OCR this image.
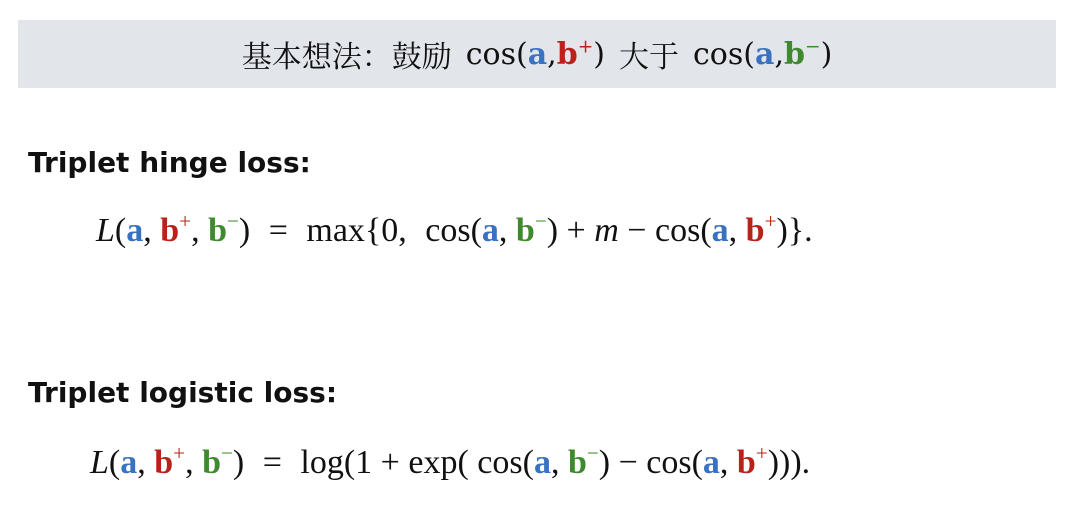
基本想法：鼓励 cos(a,b+) 大于 cos(a,b−)
Triplet hinge loss:
L(a, b+, b−) = max{0, cos(a, b−) + m − cos(a, b+)}.
Triplet logistic loss:
L(a, b+, b−) = log(1 + exp( cos(a, b−) − cos(a, b+))).
